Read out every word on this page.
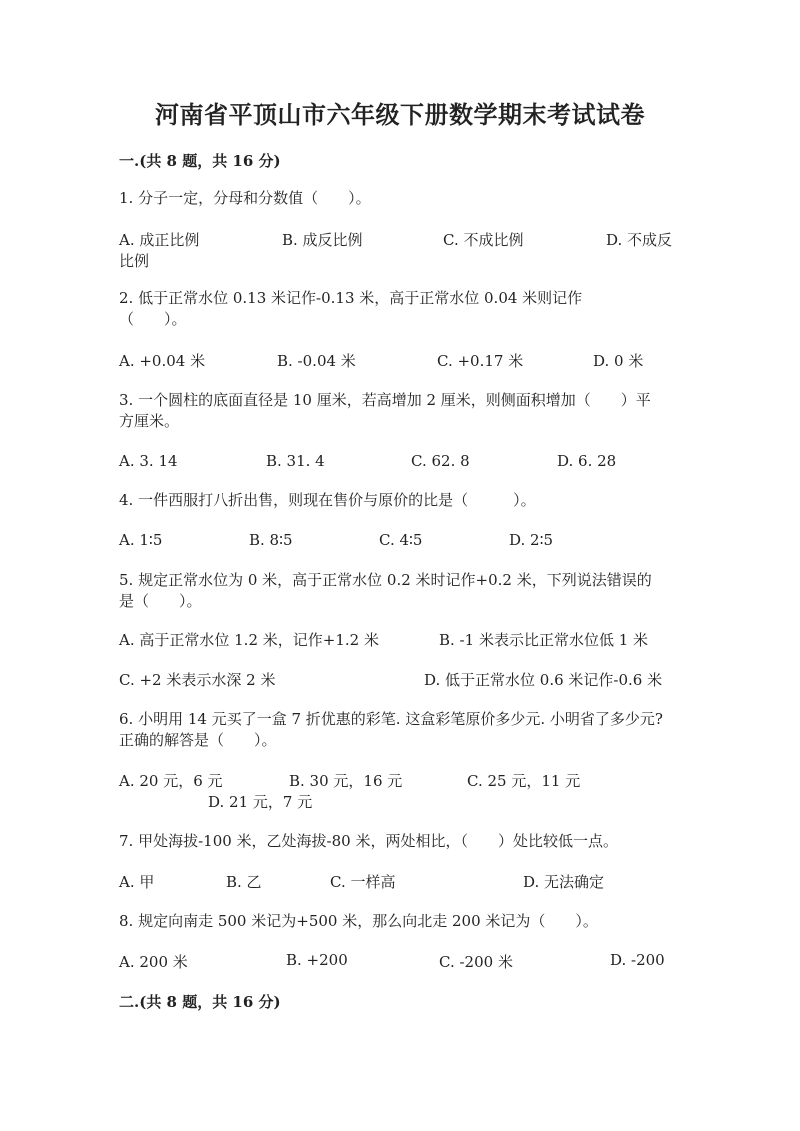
河南省平顶山市六年级下册数学期末考试试卷
一.(共 8 题，共 16 分)
1. 分子一定，分母和分数值（　　）。
A. 成正比例	B. 成反比例	C. 不成比例	D. 不成反
比例
2. 低于正常水位 0.13 米记作-0.13 米，高于正常水位 0.04 米则记作
（　　）。
A. +0.04 米	B. -0.04 米	C. +0.17 米	D. 0 米
3. 一个圆柱的底面直径是 10 厘米，若高增加 2 厘米，则侧面积增加（　　）平
方厘米。
A. 3. 14	B. 31. 4	C. 62. 8	D. 6. 28
4. 一件西服打八折出售，则现在售价与原价的比是（　　　）。
A. 1∶5	B. 8∶5	C. 4∶5	D. 2∶5
5. 规定正常水位为 0 米，高于正常水位 0.2 米时记作+0.2 米，下列说法错误的
是（　　）。
A. 高于正常水位 1.2 米，记作+1.2 米	B. -1 米表示比正常水位低 1 米
C. +2 米表示水深 2 米	D. 低于正常水位 0.6 米记作-0.6 米
6. 小明用 14 元买了一盒 7 折优惠的彩笔. 这盒彩笔原价多少元. 小明省了多少元?
正确的解答是（　　）。
A. 20 元，6 元	B. 30 元，16 元	C. 25 元，11 元
D. 21 元，7 元
7. 甲处海拔-100 米，乙处海拔-80 米，两处相比，（　　）处比较低一点。
A. 甲	B. 乙	C. 一样高	D. 无法确定
8. 规定向南走 500 米记为+500 米，那么向北走 200 米记为（　　）。
A. 200 米	B. +200	C. -200 米	D. -200
二.(共 8 题，共 16 分)
